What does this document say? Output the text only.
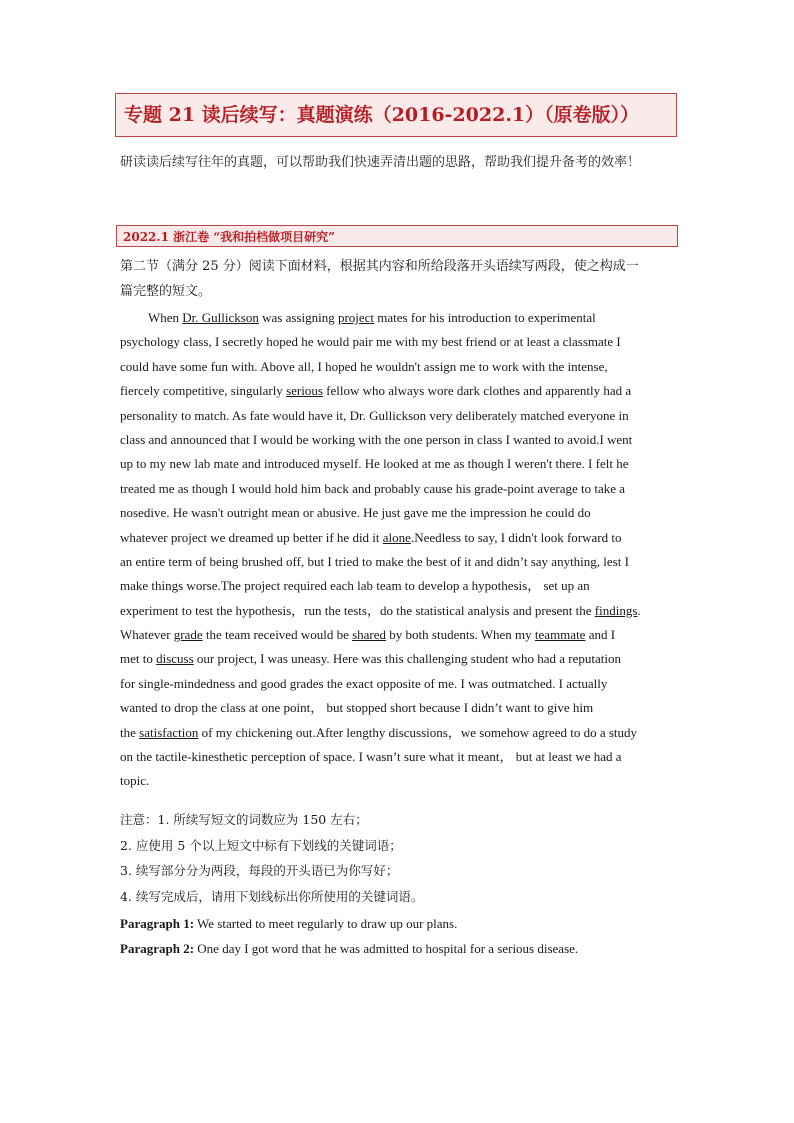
专题 21 读后续写：真题演练（2016-2022.1）（原卷版））
研读读后续写往年的真题，可以帮助我们快速弄清出题的思路，帮助我们提升备考的效率！
2022.1 浙江卷 “我和拍档做项目研究”
第二节（满分 25 分）阅读下面材料，根据其内容和所给段落开头语续写两段，使之构成一
篇完整的短文。
When Dr. Gullickson was assigning project mates for his introduction to experimental
psychology class, I secretly hoped he would pair me with my best friend or at least a classmate I
could have some fun with. Above all, I hoped he wouldn't assign me to work with the intense,
fiercely competitive, singularly serious fellow who always wore dark clothes and apparently had a
personality to match. As fate would have it, Dr. Gullickson very deliberately matched everyone in
class and announced that I would be working with the one person in class I wanted to avoid.I went
up to my new lab mate and introduced myself. He looked at me as though I weren't there. I felt he
treated me as though I would hold him back and probably cause his grade-point average to take a
nosedive. He wasn't outright mean or abusive. He just gave me the impression he could do
whatever project we dreamed up better if he did it alone.Needless to say, I didn't look forward to
an entire term of being brushed off, but I tried to make the best of it and didn’t say anything, lest I
make things worse.The project required each lab team to develop a hypothesis， set up an
experiment to test the hypothesis，run the tests，do the statistical analysis and present the findings.
Whatever grade the team received would be shared by both students. When my teammate and I
met to discuss our project, I was uneasy. Here was this challenging student who had a reputation
for single-mindedness and good grades the exact opposite of me. I was outmatched. I actually
wanted to drop the class at one point， but stopped short because I didn’t want to give him
the satisfaction of my chickening out.After lengthy discussions，we somehow agreed to do a study
on the tactile-kinesthetic perception of space. I wasn’t sure what it meant， but at least we had a
topic.
注意：1. 所续写短文的词数应为 150 左右；
2. 应使用 5 个以上短文中标有下划线的关键词语；
3. 续写部分分为两段，每段的开头语已为你写好；
4. 续写完成后，请用下划线标出你所使用的关键词语。
Paragraph 1: We started to meet regularly to draw up our plans.
Paragraph 2: One day I got word that he was admitted to hospital for a serious disease.
